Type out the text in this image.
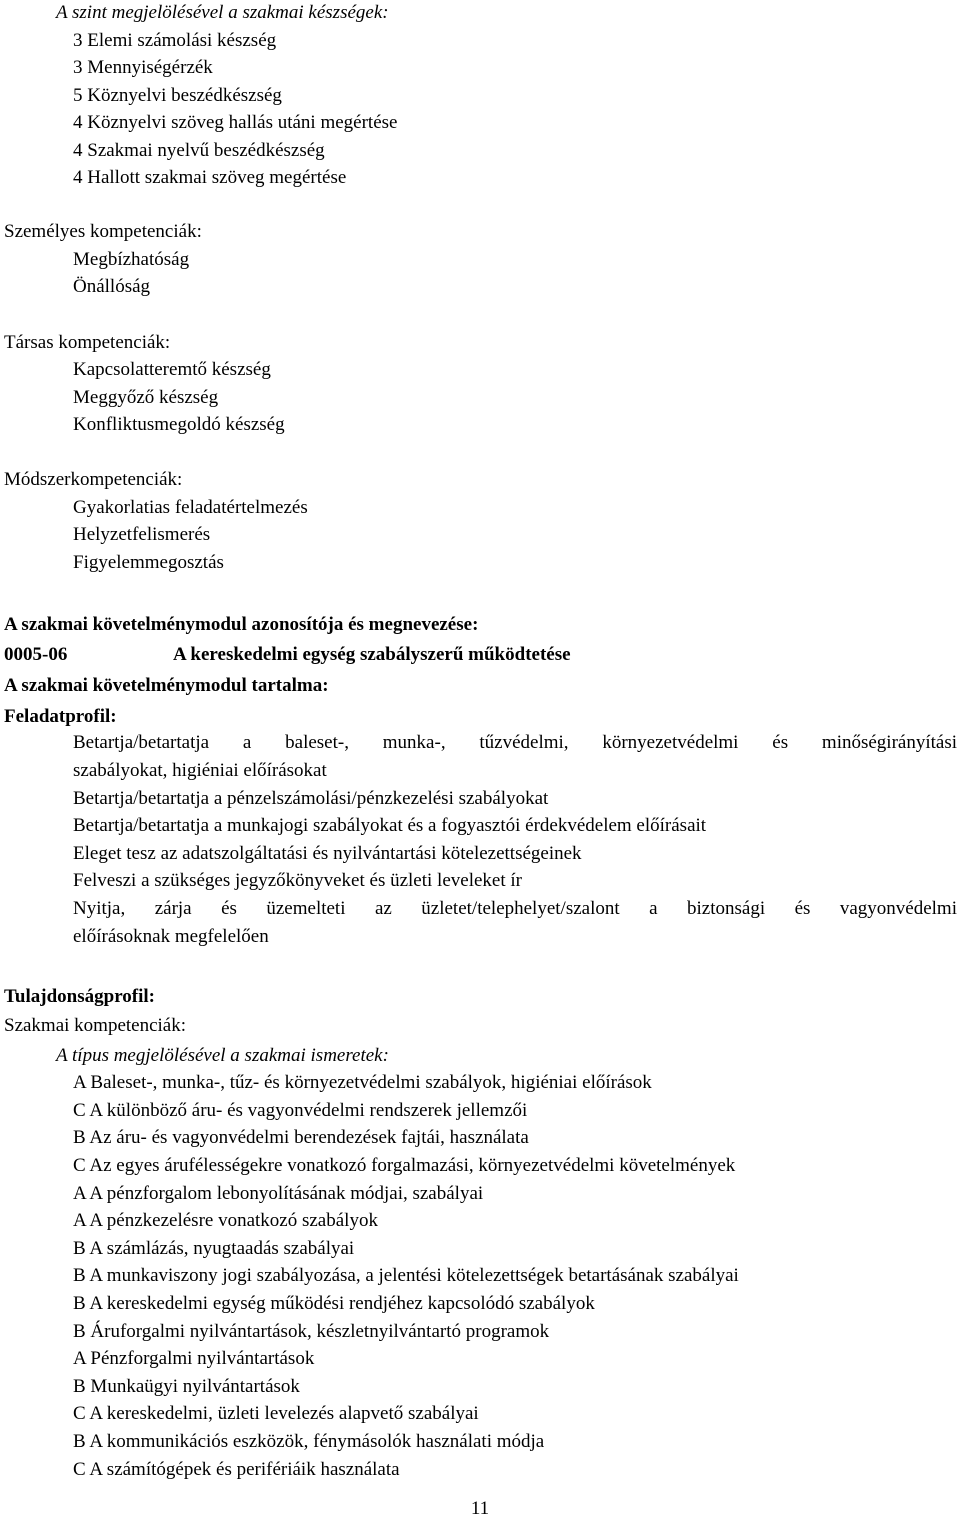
A szint megjelölésével a szakmai készségek:
3 Elemi számolási készség
3 Mennyiségérzék
5 Köznyelvi beszédkészség
4 Köznyelvi szöveg hallás utáni megértése
4 Szakmai nyelvű beszédkészség
4 Hallott szakmai szöveg megértése
Személyes kompetenciák:
Megbízhatóság
Önállóság
Társas kompetenciák:
Kapcsolatteremtő készség
Meggyőző készség
Konfliktusmegoldó készség
Módszerkompetenciák:
Gyakorlatias feladatértelmezés
Helyzetfelismerés
Figyelemmegosztás
A szakmai követelménymodul azonosítója és megnevezése:
0005-06	A kereskedelmi egység szabályszerű működtetése
A szakmai követelménymodul tartalma:
Feladatprofil:
Betartja/betartatja a baleset-, munka-, tűzvédelmi, környezetvédelmi és minőségirányítási
szabályokat, higiéniai előírásokat
Betartja/betartatja a pénzelszámolási/pénzkezelési szabályokat
Betartja/betartatja a munkajogi szabályokat és a fogyasztói érdekvédelem előírásait
Eleget tesz az adatszolgáltatási és nyilvántartási kötelezettségeinek
Felveszi a szükséges jegyzőkönyveket és üzleti leveleket ír
Nyitja, zárja és üzemelteti az üzletet/telephelyet/szalont a biztonsági és vagyonvédelmi
előírásoknak megfelelően
Tulajdonságprofil:
Szakmai kompetenciák:
A típus megjelölésével a szakmai ismeretek:
A Baleset-, munka-, tűz- és környezetvédelmi szabályok, higiéniai előírások
C A különböző áru- és vagyonvédelmi rendszerek jellemzői
B Az áru- és vagyonvédelmi berendezések fajtái, használata
C Az egyes árufélességekre vonatkozó forgalmazási, környezetvédelmi követelmények
A A pénzforgalom lebonyolításának módjai, szabályai
A A pénzkezelésre vonatkozó szabályok
B A számlázás, nyugtaadás szabályai
B A munkaviszony jogi szabályozása, a jelentési kötelezettségek betartásának szabályai
B A kereskedelmi egység működési rendjéhez kapcsolódó szabályok
B Áruforgalmi nyilvántartások, készletnyilvántartó programok
A Pénzforgalmi nyilvántartások
B Munkaügyi nyilvántartások
C A kereskedelmi, üzleti levelezés alapvető szabályai
B A kommunikációs eszközök, fénymásolók használati módja
C A számítógépek és perifériáik használata
11
